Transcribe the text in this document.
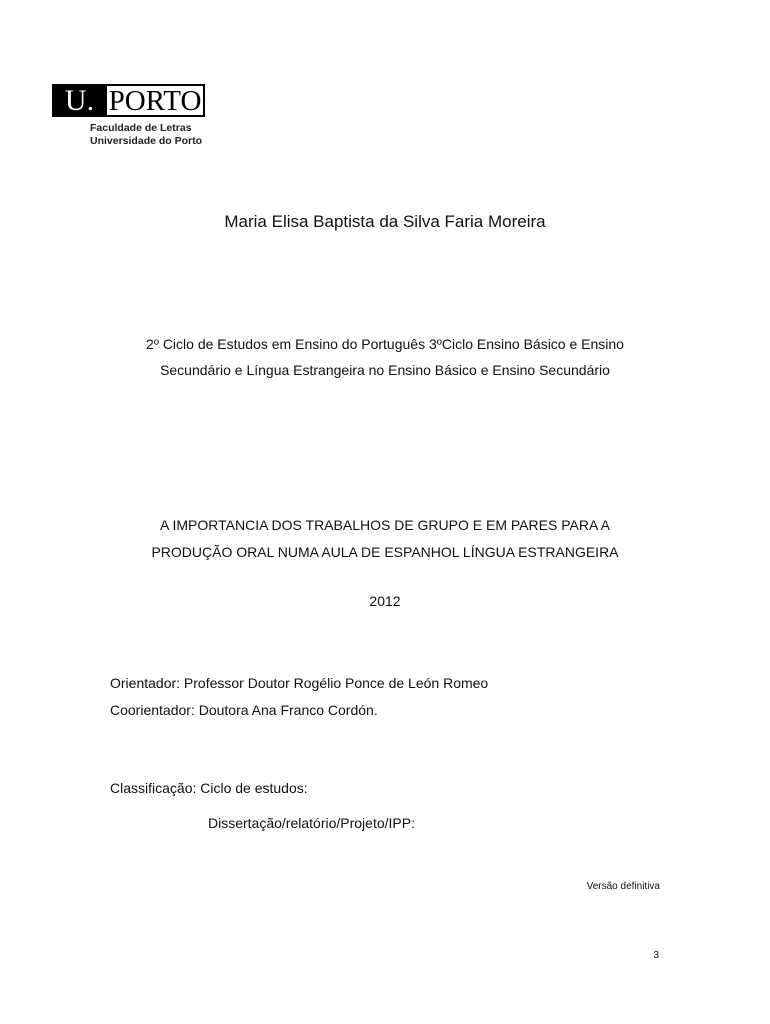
U. PORTO
Faculdade de Letras
Universidade do Porto
Maria Elisa Baptista da Silva Faria Moreira
2º Ciclo de Estudos em Ensino do Português 3ºCiclo Ensino Básico e Ensino
Secundário e Língua Estrangeira no Ensino Básico e Ensino Secundário
A IMPORTANCIA DOS TRABALHOS DE GRUPO E EM PARES PARA A
PRODUÇÃO ORAL NUMA AULA DE ESPANHOL LÍNGUA ESTRANGEIRA
2012
Orientador: Professor Doutor Rogélio Ponce de León Romeo
Coorientador: Doutora Ana Franco Cordón.
Classificação: Ciclo de estudos:
Dissertação/relatório/Projeto/IPP:
Versão definitiva
3
